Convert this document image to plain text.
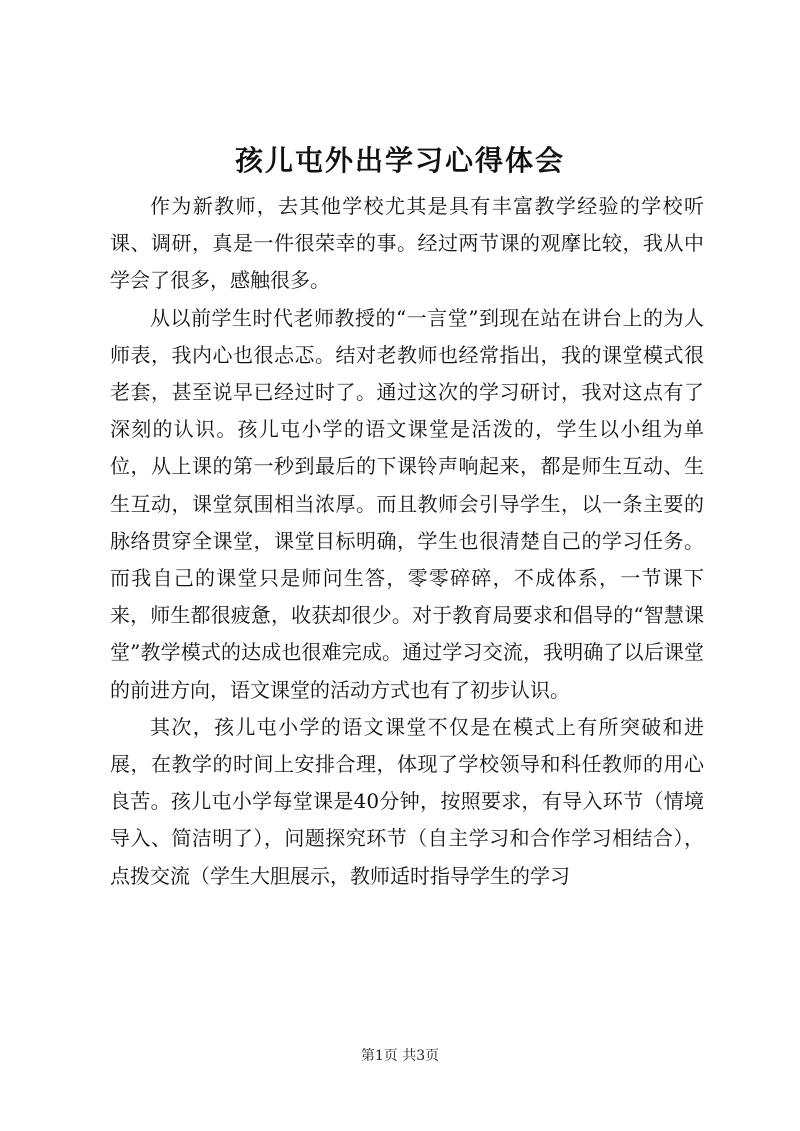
孩儿屯外出学习心得体会

作为新教师，去其他学校尤其是具有丰富教学经验的学校听课、调研，真是一件很荣幸的事。经过两节课的观摩比较，我从中学会了很多，感触很多。

从以前学生时代老师教授的“一言堂”到现在站在讲台上的为人师表，我内心也很忐忑。结对老教师也经常指出，我的课堂模式很老套，甚至说早已经过时了。通过这次的学习研讨，我对这点有了深刻的认识。孩儿屯小学的语文课堂是活泼的，学生以小组为单位，从上课的第一秒到最后的下课铃声响起来，都是师生互动、生生互动，课堂氛围相当浓厚。而且教师会引导学生，以一条主要的脉络贯穿全课堂，课堂目标明确，学生也很清楚自己的学习任务。而我自己的课堂只是师问生答，零零碎碎，不成体系，一节课下来，师生都很疲惫，收获却很少。对于教育局要求和倡导的“智慧课堂”教学模式的达成也很难完成。通过学习交流，我明确了以后课堂的前进方向，语文课堂的活动方式也有了初步认识。

其次，孩儿屯小学的语文课堂不仅是在模式上有所突破和进展，在教学的时间上安排合理，体现了学校领导和科任教师的用心良苦。孩儿屯小学每堂课是40分钟，按照要求，有导入环节（情境导入、简洁明了），问题探究环节（自主学习和合作学习相结合），点拨交流（学生大胆展示，教师适时指导学生的学习

第1页 共3页
